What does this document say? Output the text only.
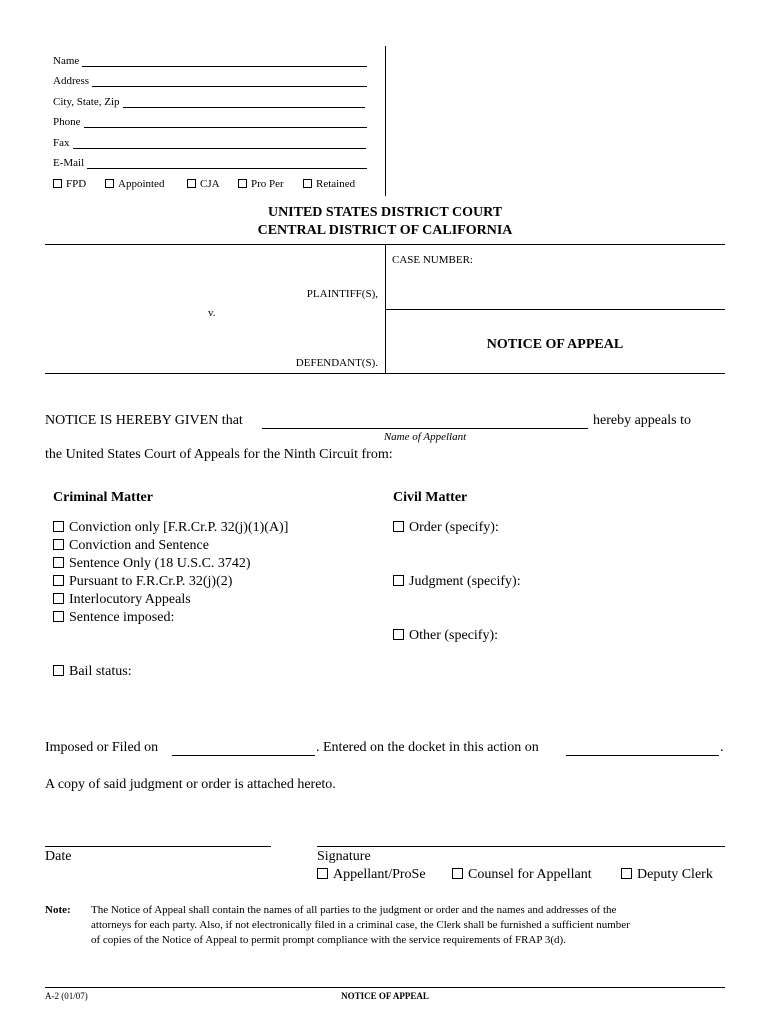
Name
Address
City, State, Zip
Phone
Fax
E-Mail
FPD	Appointed	CJA	Pro Per	Retained
UNITED STATES DISTRICT COURT
CENTRAL DISTRICT OF CALIFORNIA
CASE NUMBER:
PLAINTIFF(S),
v.
DEFENDANT(S).
NOTICE OF APPEAL
NOTICE IS HEREBY GIVEN that	hereby appeals to
Name of Appellant
the United States Court of Appeals for the Ninth Circuit from:
Criminal Matter
Conviction only [F.R.Cr.P. 32(j)(1)(A)]
Conviction and Sentence
Sentence Only (18 U.S.C. 3742)
Pursuant to F.R.Cr.P. 32(j)(2)
Interlocutory Appeals
Sentence imposed:
Bail status:
Civil Matter
Order (specify):
Judgment (specify):
Other (specify):
Imposed or Filed on	. Entered on the docket in this action on	.
A copy of said judgment or order is attached hereto.
Date	Signature
Appellant/ProSe	Counsel for Appellant	Deputy Clerk
Note: The Notice of Appeal shall contain the names of all parties to the judgment or order and the names and addresses of the
attorneys for each party. Also, if not electronically filed in a criminal case, the Clerk shall be furnished a sufficient number
of copies of the Notice of Appeal to permit prompt compliance with the service requirements of FRAP 3(d).
A-2 (01/07)	NOTICE OF APPEAL
